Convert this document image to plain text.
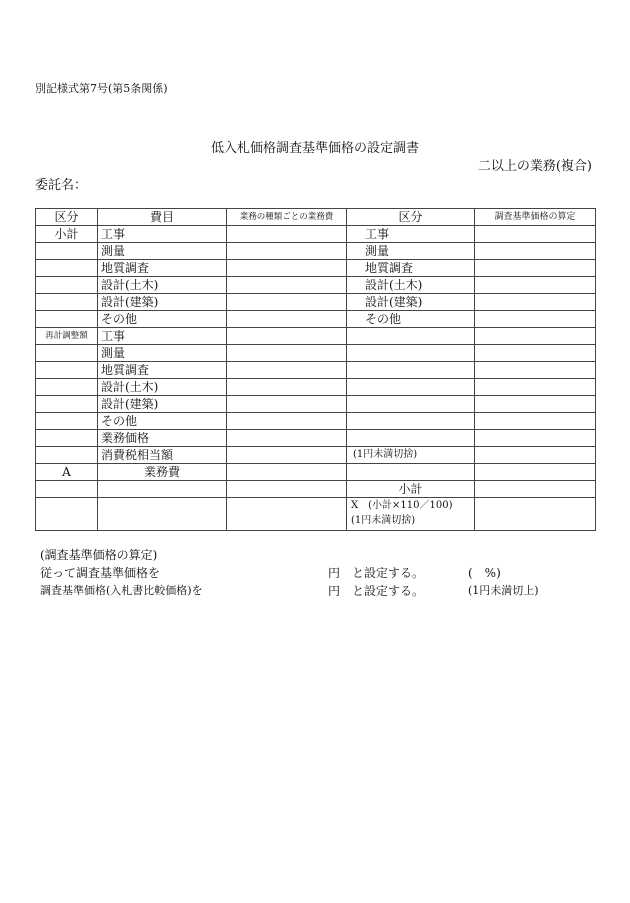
別記様式第7号(第5条関係)
低入札価格調査基準価格の設定調書
二以上の業務(複合)
委託名：
区分	費目	業務の種類ごとの業務費	区分	調査基準価格の算定
小計	工事		工事	
	測量		測量	
	地質調査		地質調査	
	設計(土木)		設計(土木)	
	設計(建築)		設計(建築)	
	その他		その他	
再計調整額	工事			
	測量			
	地質調査			
	設計(土木)			
	設計(建築)			
	その他			
	業務価格			
	消費税相当額		(1円未満切捨)	
A	業務費			
			小計	

			X　(小計×110／100)
(1円未満切捨)	

(調査基準価格の算定)
従って調査基準価格を	円 と設定する。	(　%)
調査基準価格(入札書比較価格)を	円 と設定する。	(1円未満切上)
